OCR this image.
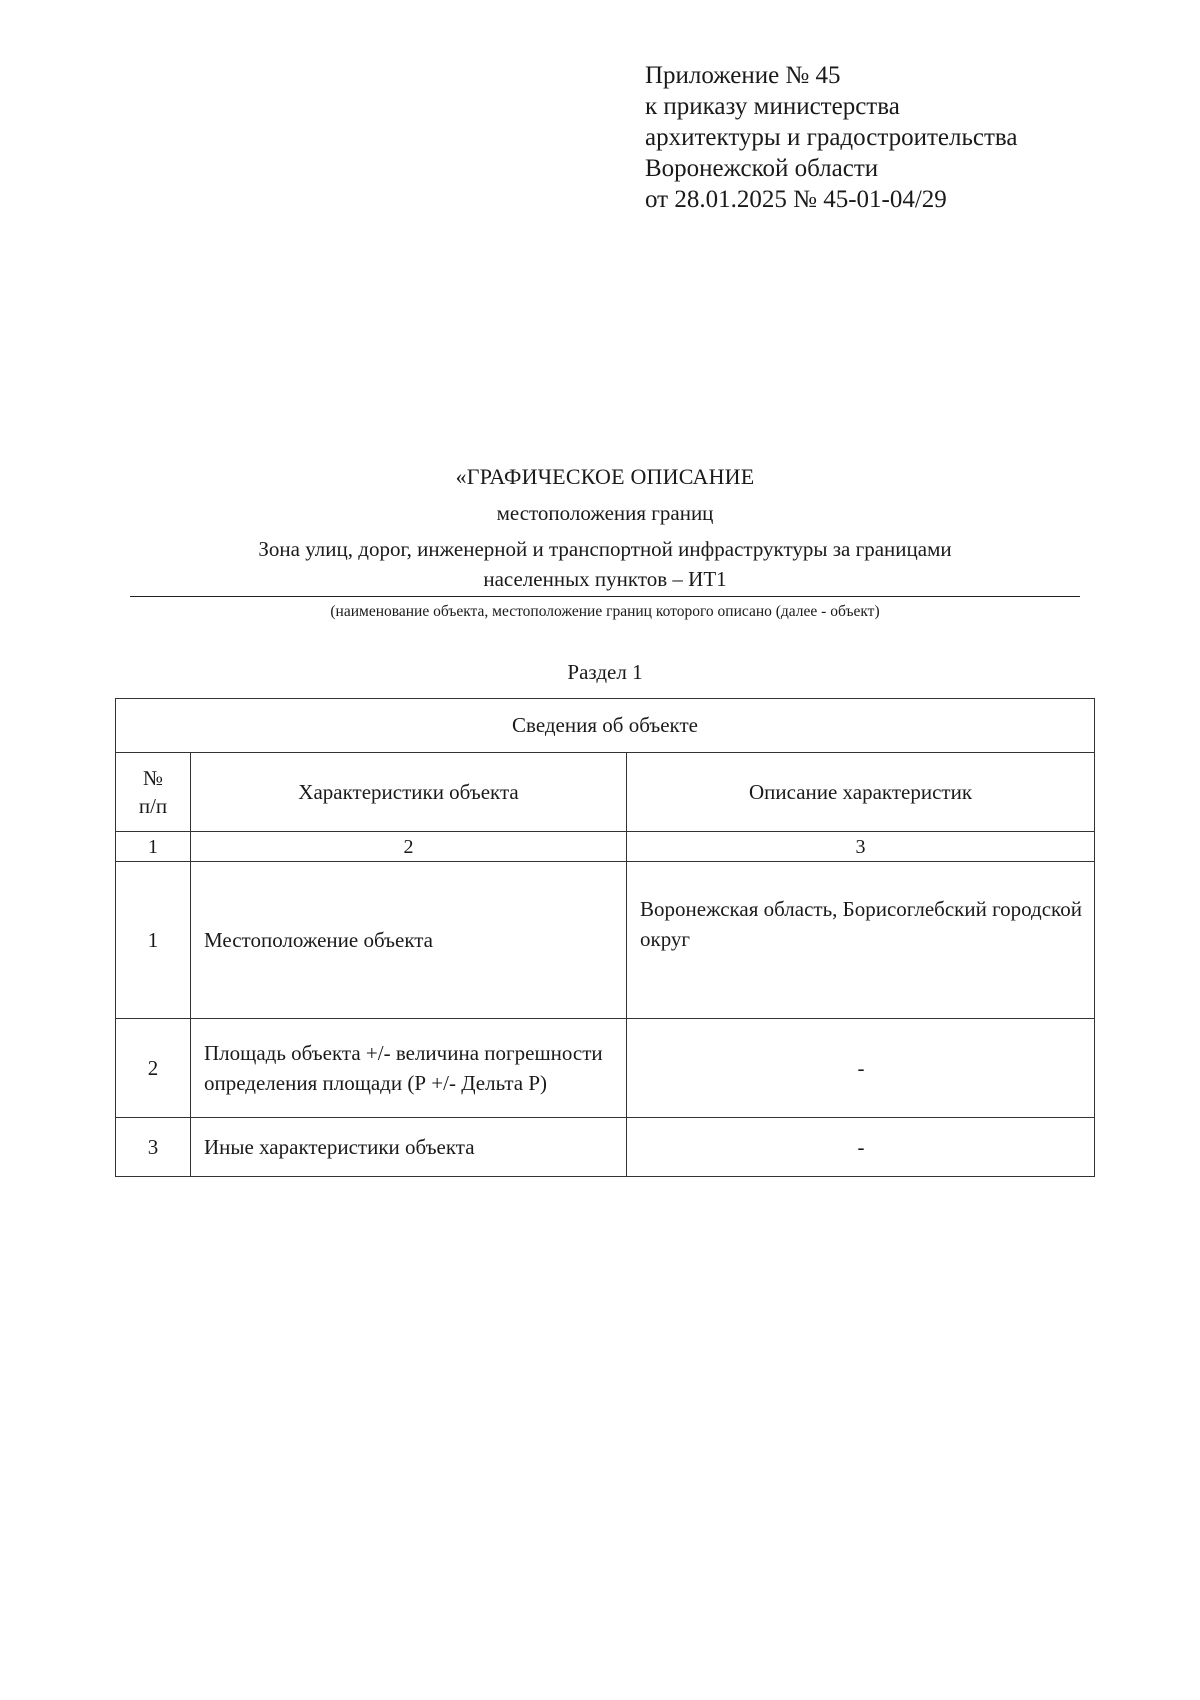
Приложение № 45
к приказу министерства
архитектуры и градостроительства
Воронежской области
от 28.01.2025 № 45-01-04/29
«ГРАФИЧЕСКОЕ ОПИСАНИЕ
местоположения границ
Зона улиц, дорог, инженерной и транспортной инфраструктуры за границами
населенных пунктов – ИТ1
(наименование объекта, местоположение границ которого описано (далее - объект)
Раздел 1
Сведения об объекте		

№
п/п	Характеристики объекта	Описание характеристик
1	2	3
1	Местоположение объекта	Воронежская область, Борисоглебский городской округ
2	Площадь объекта +/- величина погрешности определения площади (Р +/- Дельта Р)	-
3	Иные характеристики объекта	-
